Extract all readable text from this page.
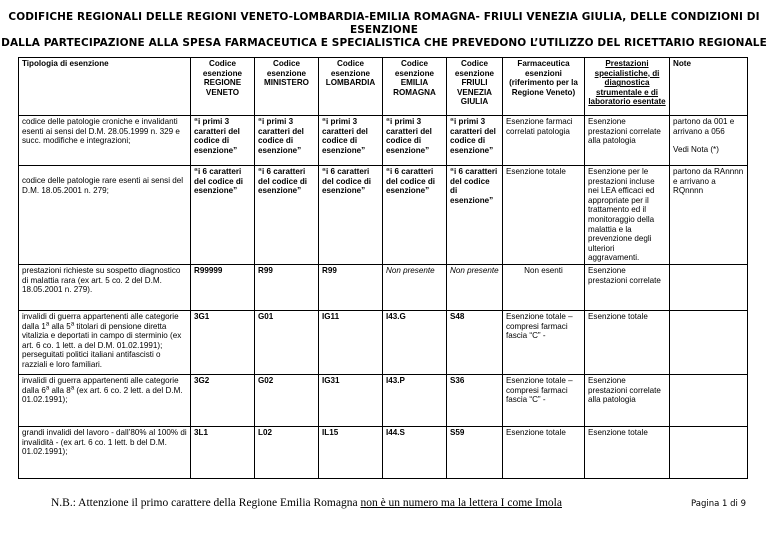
CODIFICHE REGIONALI DELLE REGIONI VENETO-LOMBARDIA-EMILIA ROMAGNA- FRIULI VENEZIA GIULIA, DELLE CONDIZIONI DI ESENZIONE
DALLA PARTECIPAZIONE ALLA SPESA FARMACEUTICA E SPECIALISTICA CHE PREVEDONO L’UTILIZZO DEL RICETTARIO REGIONALE
Tipologia di esenzione	Codice esenzione REGIONE VENETO	Codice esenzione MINISTERO	Codice esenzione LOMBARDIA	Codice esenzione EMILIA ROMAGNA	Codice esenzione FRIULI VENEZIA GIULIA	Farmaceutica esenzioni (riferimento per la Regione Veneto)	Prestazioni specialistiche, di diagnostica strumentale e di laboratorio esentate	Note
codice delle patologie croniche e invalidanti esenti ai sensi del D.M. 28.05.1999 n. 329 e succ. modifiche e integrazioni;	“i primi 3 caratteri del codice di esenzione”	“i primi 3 caratteri del codice di esenzione”	“i primi 3 caratteri del codice di esenzione”	“i primi 3 caratteri del codice di esenzione”	“i primi 3 caratteri del codice di esenzione”	Esenzione farmaci correlati patologia	Esenzione prestazioni correlate alla patologia	partono da 001 e arrivano a 056
Vedi Nota (*)

codice delle patologie rare esenti ai sensi del D.M. 18.05.2001 n. 279;	“i 6 caratteri del codice di esenzione”	“i 6 caratteri del codice di esenzione”	“i 6 caratteri del codice di esenzione”	“i 6 caratteri del codice di esenzione”	“i 6 caratteri del codice di esenzione”	Esenzione totale	Esenzione per le prestazioni incluse nei LEA efficaci ed appropriate per il trattamento ed il monitoraggio della malattia e la prevenzione degli ulteriori aggravamenti.	partono da RAnnnn e arrivano a RQnnnn
prestazioni richieste su sospetto diagnostico di malattia rara (ex art. 5 co. 2 del D.M. 18.05.2001 n. 279).	R99999	R99	R99	Non presente	Non presente	Non esenti	Esenzione prestazioni correlate	
invalidi di guerra appartenenti alle categorie dalla 1$^a$ alla 5$^a$ titolari di pensione diretta vitalizia e deportati in campo di sterminio (ex art. 6 co. 1 lett. a del D.M. 01.02.1991); perseguitati politici italiani antifascisti o razziali e loro familiari.	3G1	G01	IG11	I43.G	S48	Esenzione totale – compresi farmaci fascia “C” -	Esenzione totale	
invalidi di guerra appartenenti alle categorie dalla 6$^a$ alla 8$^a$ (ex art. 6 co. 2 lett. a del D.M. 01.02.1991);	3G2	G02	IG31	I43.P	S36	Esenzione totale – compresi farmaci fascia “C” -	Esenzione prestazioni correlate alla patologia	
grandi invalidi del lavoro - dall’80% al 100% di invalidità - (ex art. 6 co. 1 lett. b del D.M. 01.02.1991);	3L1	L02	IL15	I44.S	S59	Esenzione totale	Esenzione totale	
N.B.: Attenzione il primo carattere della Regione Emilia Romagna non è un numero ma la lettera I come Imola	Pagina 1 di 9
